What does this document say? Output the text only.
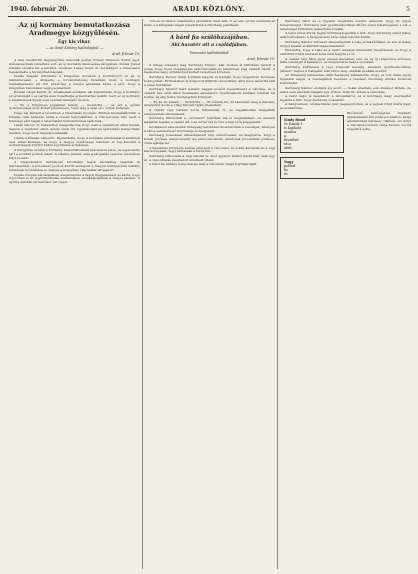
1940. február 20.	ARADI KÖZLÖNY.	5
Az uj kormány bemutatkozása Aradmegye közgyűlésén.
Egy kis vihar.
— Az Aradi Közlöny tudósítójától. —
Arad, február 19.

A mai rendkívüli megyegyűlés második pontja Ernest Sterescu Kuruţ egyf. műszavazóinak ismerteté volt, az uj kormány kinevezése tárgyában. Dudás József főispán olvasta fel a leiratot, melyben Lasse Sorel dr. kormányzó a kinevezést bejelentette a törvényhatóságnak.

Dudás főispán üdvözölte a közgyűlés nevében a kormányzót és az uj minisztereket, s kifejezte a törvényhatóság bizalmát, mely a kormány rendelkezésére áll. Ezt követőleg a megye alispánja kérte a szót, hogy a közgyűlés tudomásul vegye a jelentést.

Ezután Lázár Károly dr. emelkedett szólásra, aki kijelentette, hogy a kormány programmját ő és pártja nem fogadhatja el fenntartás nélkül, mert az uj kormány a kisebbségek ügyét nem rendezi kielégítő módon.

— Én a törvényes jogainkat féltem — mondotta — és ezt a gyűlés nyilvánossága előtt ki kell jelentenem. Nem elég a szép szó, tettek kellenek.

Nagy zaj támadt a teremben a felszólalás nyomán. Többen közbekiáltottak, a főispán csak nehezen tudta a rendet helyreállítani. A vita hevessé vált, mert a többségi párt tagjai a felszólalást tiszteletlennek tartották.

Lázár Károly dr. ismételten hangsúlyozta, hogy nem a személyek ellen beszél, hanem a rendszer ellen, amely évek óta ugyanazokat az ígéreteket hangoztatja anélkül, hogy azok megvalósulnának.

Utána a főispán válaszolt. Kijelentette, hogy a kormány jóindulatáról senkinek sem lehet kétsége, és hogy a megye vezetősége mindent el fog követni a nemzetiségek közötti békés együttélés érdekében.

A közgyűlés ezután a kormány bemutatkozását tudomásul vette, és napirendre tért a további pontok felett. A viharos jelenet után a tárgyalás csendes mederben folyt tovább.

A Nagyváradon tartózkodó bizottsági tagok táviratilag fejezték ki üdvözletüket. A következő pontok között szerepelt a megyei költségvetés néhány tételének módosítása is, melyet a közgyűlés vita nélkül elfogadott.

Dudás főispán zárószavában megköszönte a tagok megjelenését és kérte, hogy a jövőben is az együttműködés szellemében munkálkodjanak a megye javáért. A gyűlés délután fél kettőkor ért véget.

110-en az illetőé valamennyi javaslatát meri kell. Ő az első próba eredményét közli, s a tárgyalás végén ismertették a bizottság jelentését.

A bárd fia szülőhazájában.
Aki hazatér ott a családjában.
Temesvári tudósítónktól.
Arad, február 19.

A minap érkezett meg Zernberg Ferenc, akit éveken át külföldön tartott a sorsa, hogy most visszatérjen szülővárosába és felkeresse régi családi házát. A hazatérés nagy érdeklődést keltett ismerősei körében.

Zernberg Ferenc fiatal korában hagyta el hazáját, hogy idegenben keressen boldogulást. Évtizedeken át dolgozott külföldi városokban, ahol neve ismertté vált a zenei körökben.

Zernberg Sándor bárd néhány nappal ezelőtt megérkezett a városba, és a családi ház előtt állva hosszasan elmélázott. Gyermekkora emlékei tolultak fel benne, és alig tudta visszatartani könnyeit.

— Ez az én házam — mondotta —, itt nőttem fel, itt tanultam meg a dalokat, amelyeket azóta a világ minden táján énekeltem.

A család régi barátai sorra felkeresték őt, és meghatottan hallgatták élményeinek elbeszélését.

Zernberg Sándornál a ,,Grünfeld" bérlőház ma is megtalálható. Az emeleti lakásban hajdan a család élt, s az udvar ma is őrzi a régi idők hangulatát.

Szombaton este kisebb ünnepség keretében köszöntötték a vendéget, amelyen a város zenekedvelő közönsége is megjelent.

Zernberg hosszasan elbeszélgetett régi ismerőseivel, és megígérte, hogy a közeli jövőben hangversenyt ad szülővárosában, amelynek jövedelmét jótékony célra ajánlja fel.

A hazatérés története hamar elterjedt a városban, és sokan keresték fel a régi ház környékét, hogy láthassák a híres fiút.

Zernberg felkereste a régi iskolát is, ahol egykori tanítói közül már csak egy él. A viszontlátás meghatott mindkettőjüket.

A bárd fia néhány hétig marad még a városban, majd folytatja útját.

Zernberg bárd az a régebbi meghívás szerint érkezett, hogy itt adjon hangversenyt. Zernberg már gyermekkorában kitűnt zenei tehetségével, s ezt a tehetséget külföldön fejlesztette tovább.

A helyi zenei körök tagjai örömmel fogadták a hírt, hogy Zernberg ismét fellép szülővárosában. A hangverseny időpontját később közlik.

Zernberg Sándor szívesen elbeszélgetett a vele érdeklődőkkel, és sok érdekes dolgot mesélt el külföldi tapasztalatairól.

Elmondta, hogy a zene az a nyelv, amelyet mindenütt megértenek, és hogy a szülőföld iránti szeretet soha nem hagyta el őt.

A család régi háza most idegen kezekben van, de az új tulajdonos szívesen látta vendégül a hazatérőt, és megmutatta neki a szobákat.

Zernberg különösen a régi zongorát kereste, amelyen gyermekkorában játszott. Sajnos a hangszer már nincs meg, eladták évekkel ezelőtt.

Az ünnepség befejezése után Zernberg kijelentette, hogy ez volt élete egyik legszebb napja. A vendéglátók nevében a rendező bizottság elnöke mondott köszönetet.

Zernberg Sándor utoljára így szólt: — Sokat utaztam, sok országot láttam, de sehol sem éreztem magam úgy otthon, mint itt, ebben a városban.

A helyi sajtó is beszámolt a látogatásról, és a közönség nagy szeretettel fogadta a hírt, hogy Zernberg visszatért.

A hangverseny előkészületei már megkezdődtek, és a jegyek iránt máris nagy az érdeklődés.

Sindy Rund
és Handy I.
is kapható
Aradon
a
Erzsébet
utca
alatt.
Elsőrendű minőségben kapható mindennemű áru jutányos árakon, kérje ajánlatunkat bármely cikkben. Az üzlet a városközpontban várja kedves vevőit reggeltől estig.
Nagy
polikai
bo
és
